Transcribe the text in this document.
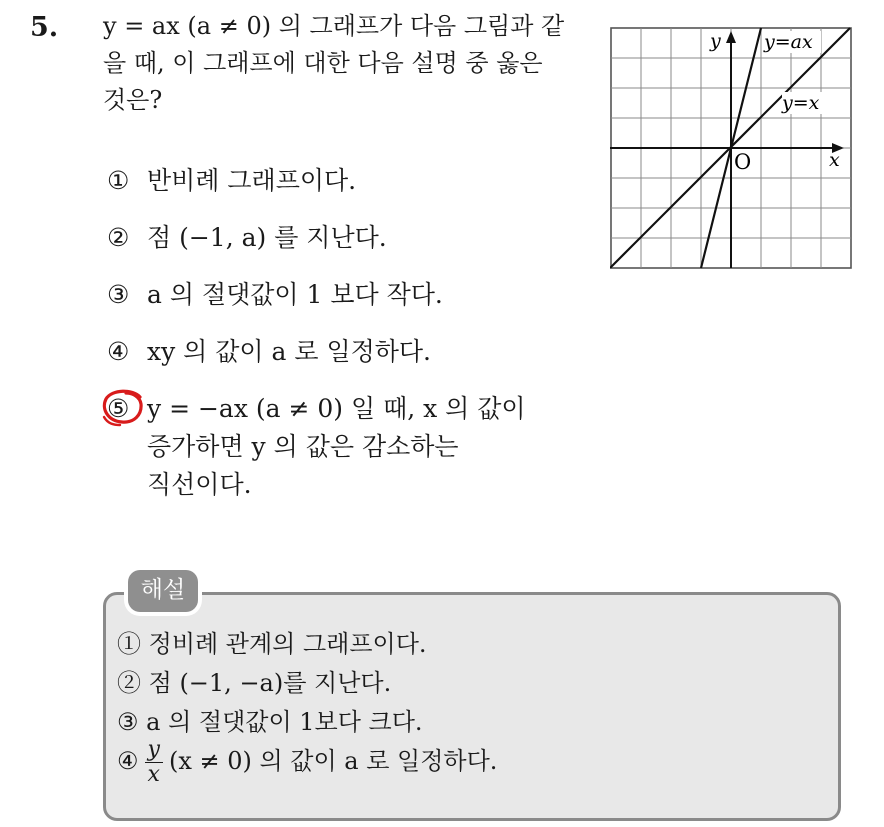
5. y = ax (a ≠ 0) 의 그래프가 다음 그림과 같
을 때, 이 그래프에 대한 다음 설명 중 옳은
것은?
y=ax
y=x
y
x
O
① 반비례 그래프이다.
② 점 (−1, a) 를 지난다.
③ a 의 절댓값이 1 보다 작다.
④ xy 의 값이 a 로 일정하다.
⑤ y = −ax (a ≠ 0) 일 때, x 의 값이
증가하면 y 의 값은 감소하는
직선이다.
해설
① 정비례 관계의 그래프이다.
② 점 (−1, −a)를 지난다.
③ a 의 절댓값이 1보다 크다.
④ $\frac{y}{x} (x \ne 0)$ 의 값이 a 로 일정하다.
